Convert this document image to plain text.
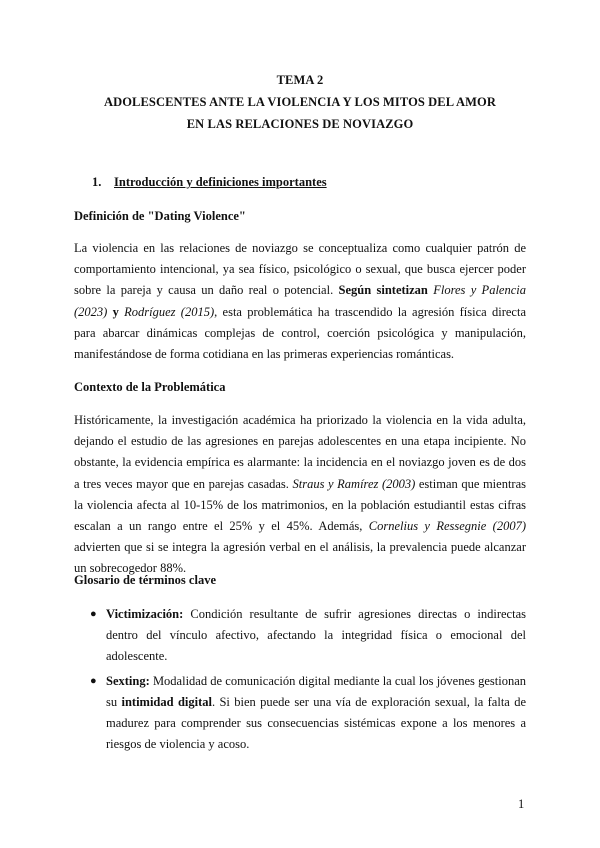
TEMA 2
ADOLESCENTES ANTE LA VIOLENCIA Y LOS MITOS DEL AMOR
EN LAS RELACIONES DE NOVIAZGO
1. Introducción y definiciones importantes
Definición de "Dating Violence"
La violencia en las relaciones de noviazgo se conceptualiza como cualquier patrón de comportamiento intencional, ya sea físico, psicológico o sexual, que busca ejercer poder sobre la pareja y causa un daño real o potencial. Según sintetizan Flores y Palencia (2023) y Rodríguez (2015), esta problemática ha trascendido la agresión física directa para abarcar dinámicas complejas de control, coerción psicológica y manipulación, manifestándose de forma cotidiana en las primeras experiencias románticas.
Contexto de la Problemática
Históricamente, la investigación académica ha priorizado la violencia en la vida adulta, dejando el estudio de las agresiones en parejas adolescentes en una etapa incipiente. No obstante, la evidencia empírica es alarmante: la incidencia en el noviazgo joven es de dos a tres veces mayor que en parejas casadas. Straus y Ramírez (2003) estiman que mientras la violencia afecta al 10-15% de los matrimonios, en la población estudiantil estas cifras escalan a un rango entre el 25% y el 45%. Además, Cornelius y Ressegnie (2007) advierten que si se integra la agresión verbal en el análisis, la prevalencia puede alcanzar un sobrecogedor 88%.
Glosario de términos clave
● Victimización: Condición resultante de sufrir agresiones directas o indirectas dentro del vínculo afectivo, afectando la integridad física o emocional del adolescente.
● Sexting: Modalidad de comunicación digital mediante la cual los jóvenes gestionan su intimidad digital. Si bien puede ser una vía de exploración sexual, la falta de madurez para comprender sus consecuencias sistémicas expone a los menores a riesgos de violencia y acoso.
1
